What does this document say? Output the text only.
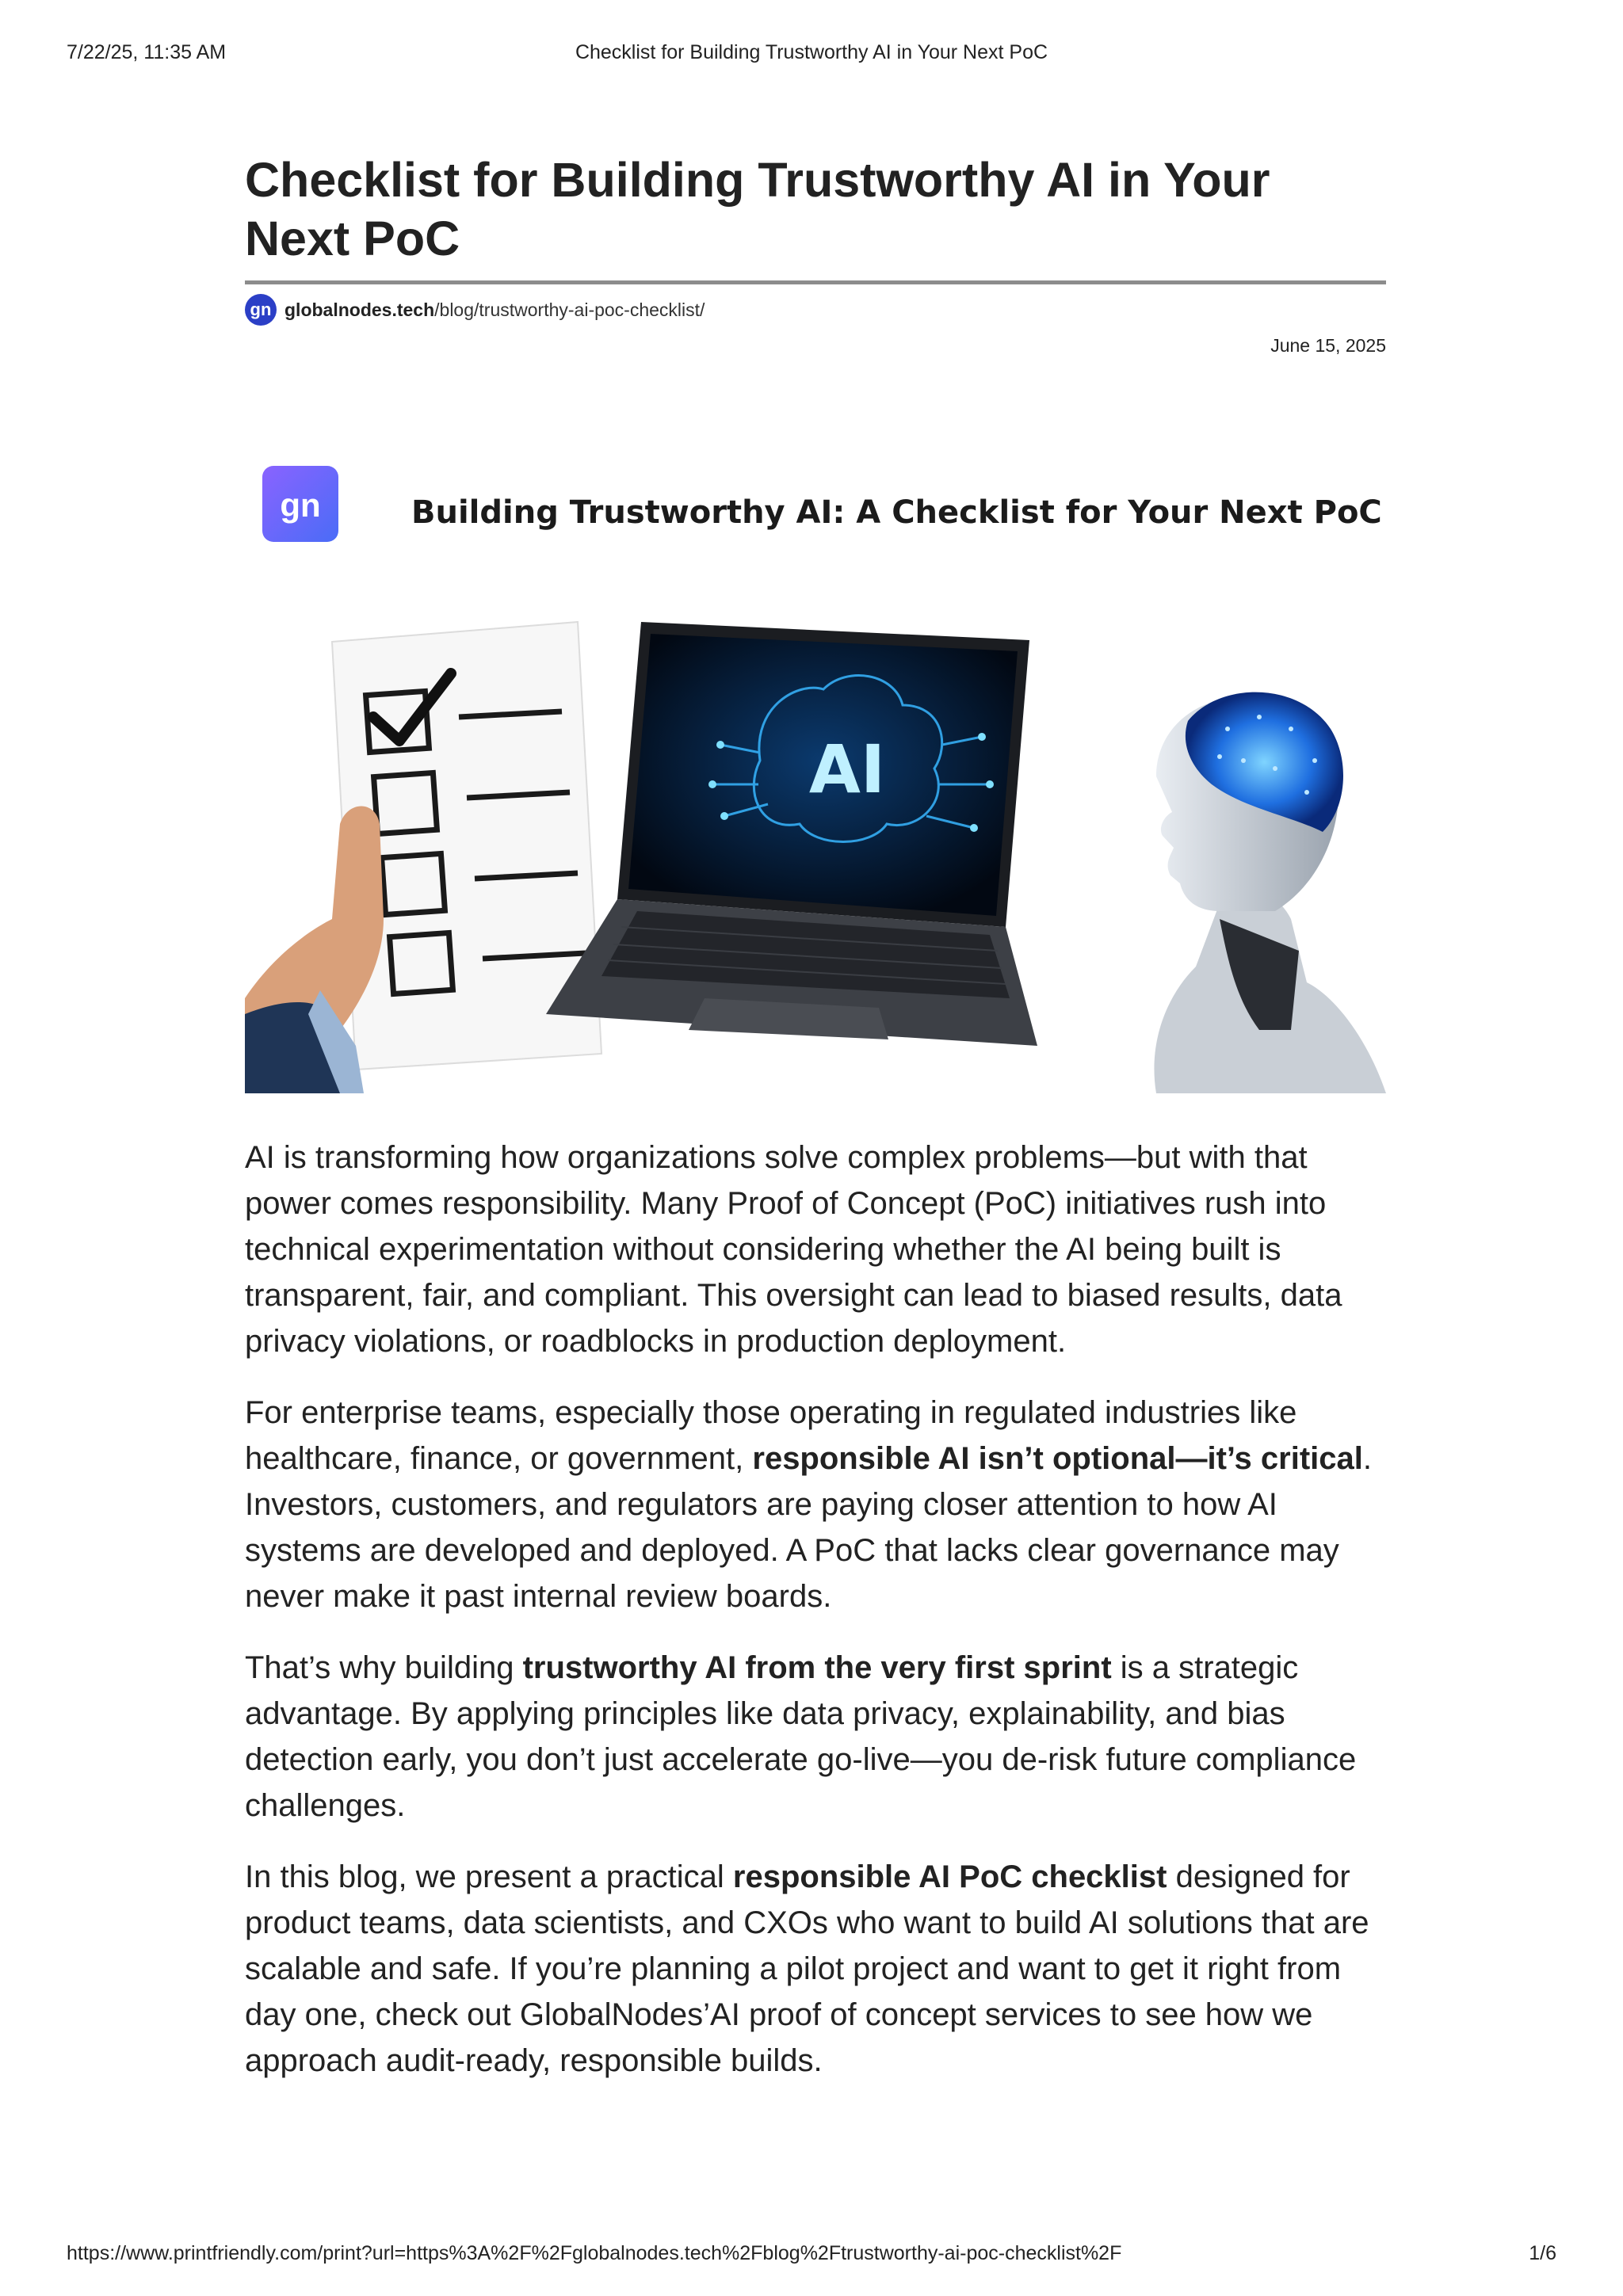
7/22/25, 11:35 AM	Checklist for Building Trustworthy AI in Your Next PoC
Checklist for Building Trustworthy AI in Your Next PoC
gn globalnodes.tech /blog/trustworthy-ai-poc-checklist/
June 15, 2025
gn	Building Trustworthy AI: A Checklist for Your Next PoC
AI

AI is transforming how organizations solve complex problems—but with that power comes responsibility. Many Proof of Concept (PoC) initiatives rush into technical experimentation without considering whether the AI being built is transparent, fair, and compliant. This oversight can lead to biased results, data privacy violations, or roadblocks in production deployment.

For enterprise teams, especially those operating in regulated industries like healthcare, finance, or government, responsible AI isn’t optional—it’s critical. Investors, customers, and regulators are paying closer attention to how AI systems are developed and deployed. A PoC that lacks clear governance may never make it past internal review boards.

That’s why building trustworthy AI from the very first sprint is a strategic advantage. By applying principles like data privacy, explainability, and bias detection early, you don’t just accelerate go-live—you de-risk future compliance challenges.

In this blog, we present a practical responsible AI PoC checklist designed for product teams, data scientists, and CXOs who want to build AI solutions that are scalable and safe. If you’re planning a pilot project and want to get it right from day one, check out GlobalNodes’AI proof of concept services to see how we approach audit-ready, responsible builds.

https://www.printfriendly.com/print?url=https%3A%2F%2Fglobalnodes.tech%2Fblog%2Ftrustworthy-ai-poc-checklist%2F	1/6
